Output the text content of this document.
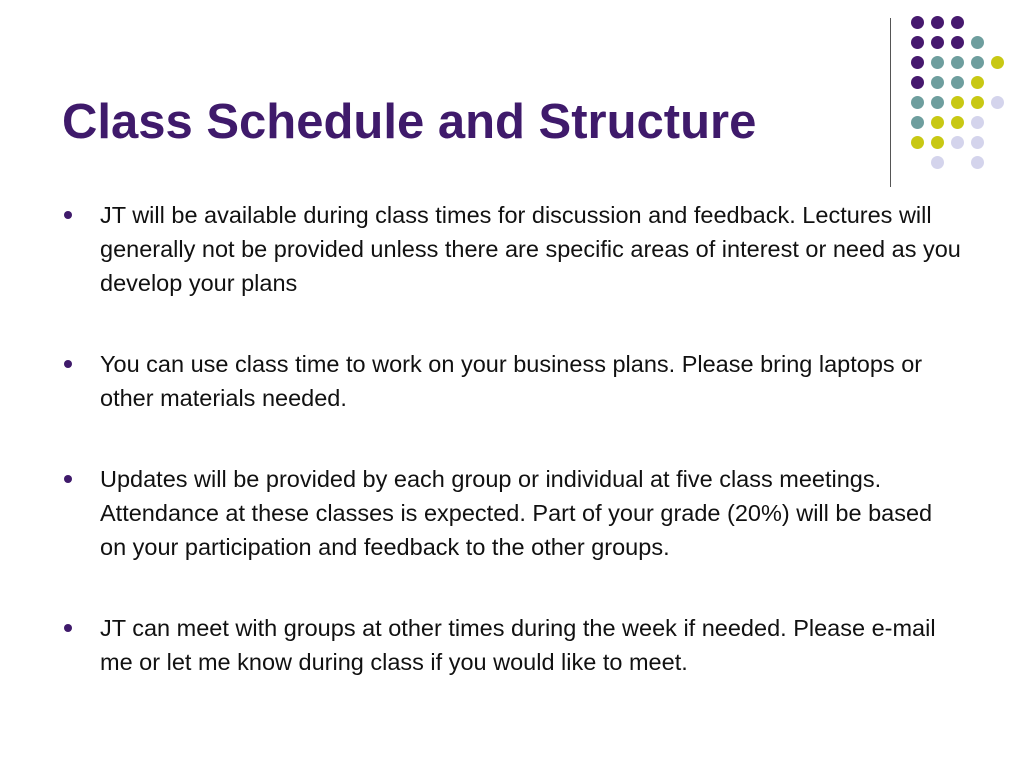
Class Schedule and Structure
JT will be available during class times for discussion and feedback. Lectures will generally not be provided unless there are specific areas of interest or need as you develop your plans
You can use class time to work on your business plans. Please bring laptops or other materials needed.
Updates will be provided by each group or individual at five class meetings. Attendance at these classes is expected. Part of your grade (20%) will be based on your participation and feedback to the other groups.
JT can meet with groups at other times during the week if needed. Please e-mail me or let me know during class if you would like to meet.
